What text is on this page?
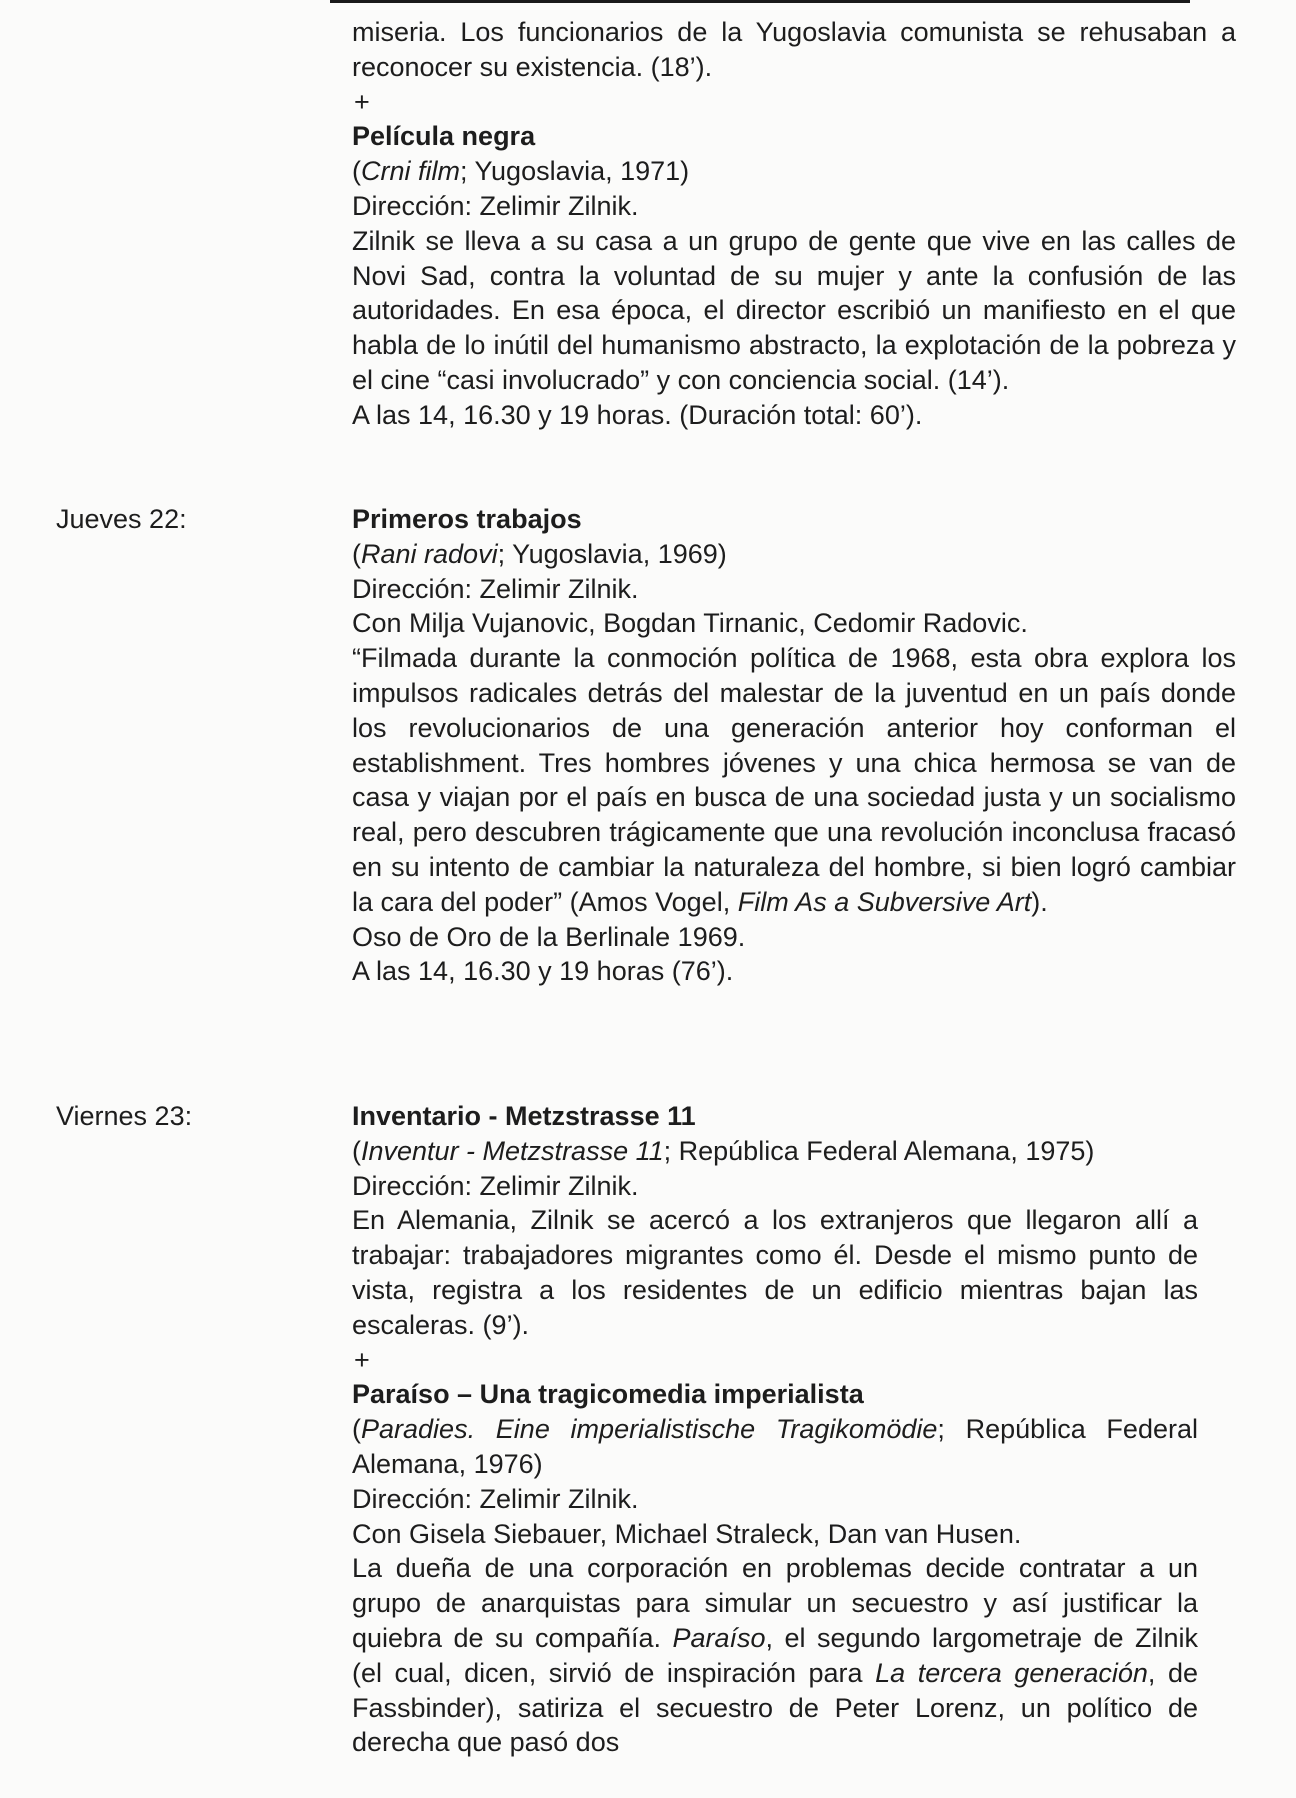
miseria. Los funcionarios de la Yugoslavia comunista se rehusaban a reconocer su existencia. (18’).

+

Película negra

(Crni film; Yugoslavia, 1971)

Dirección: Zelimir Zilnik.

Zilnik se lleva a su casa a un grupo de gente que vive en las calles de Novi Sad, contra la voluntad de su mujer y ante la confusión de las autoridades. En esa época, el director escribió un manifiesto en el que habla de lo inútil del humanismo abstracto, la explotación de la pobreza y el cine “casi involucrado” y con conciencia social. (14’).

A las 14, 16.30 y 19 horas. (Duración total: 60’).

Jueves 22:	Primeros trabajos

(Rani radovi; Yugoslavia, 1969)

Dirección: Zelimir Zilnik.

Con Milja Vujanovic, Bogdan Tirnanic, Cedomir Radovic.

“Filmada durante la conmoción política de 1968, esta obra explora los impulsos radicales detrás del malestar de la juventud en un país donde los revolucionarios de una generación anterior hoy conforman el establishment. Tres hombres jóvenes y una chica hermosa se van de casa y viajan por el país en busca de una sociedad justa y un socialismo real, pero descubren trágicamente que una revolución inconclusa fracasó en su intento de cambiar la naturaleza del hombre, si bien logró cambiar la cara del poder” (Amos Vogel, Film As a Subversive Art).

Oso de Oro de la Berlinale 1969.

A las 14, 16.30 y 19 horas (76’).

Viernes 23:	Inventario - Metzstrasse 11

(Inventur - Metzstrasse 11; República Federal Alemana, 1975)

Dirección: Zelimir Zilnik.

En Alemania, Zilnik se acercó a los extranjeros que llegaron allí a trabajar: trabajadores migrantes como él. Desde el mismo punto de vista, registra a los residentes de un edificio mientras bajan las escaleras. (9’).

+

Paraíso – Una tragicomedia imperialista

(Paradies. Eine imperialistische Tragikomödie; República Federal Alemana, 1976)

Dirección: Zelimir Zilnik.

Con Gisela Siebauer, Michael Straleck, Dan van Husen.

La dueña de una corporación en problemas decide contratar a un grupo de anarquistas para simular un secuestro y así justificar la quiebra de su compañía. Paraíso, el segundo largometraje de Zilnik (el cual, dicen, sirvió de inspiración para La tercera generación, de Fassbinder), satiriza el secuestro de Peter Lorenz, un político de derecha que pasó dos
